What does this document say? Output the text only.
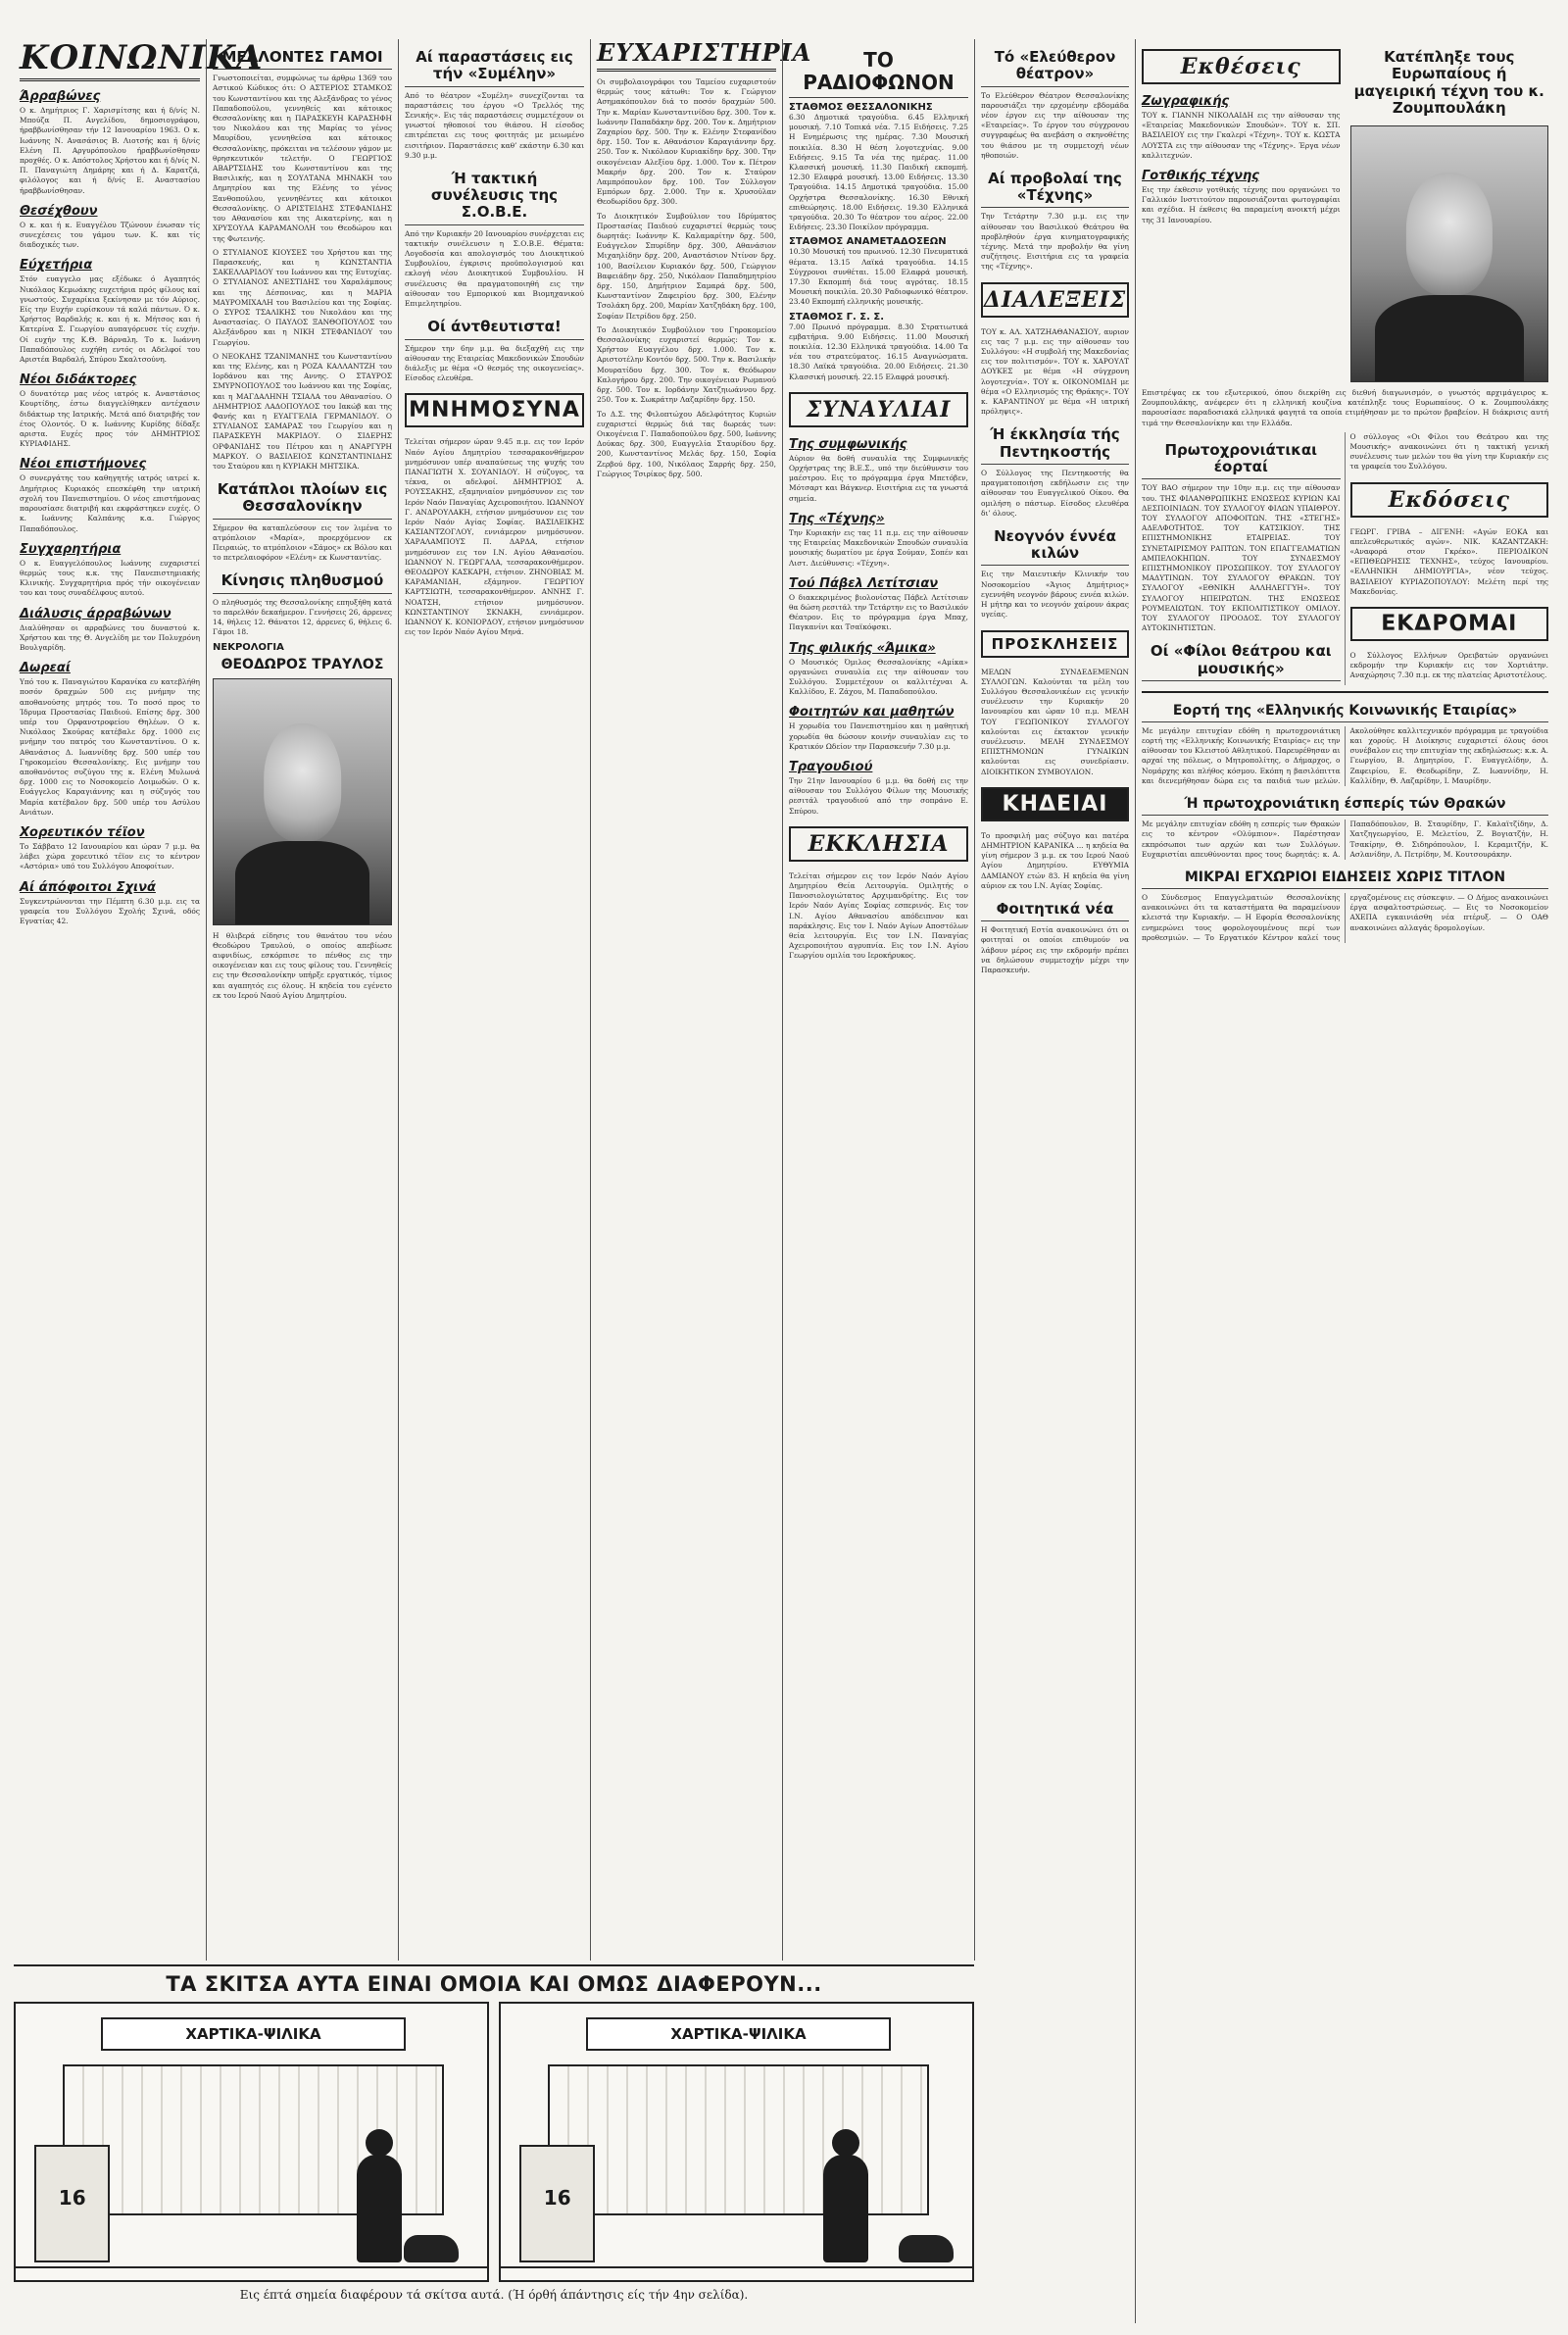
ΚΟΙΝΩΝΙΚΑ
Άρραβώνες

Ο κ. Δημήτριος Γ. Χαρισμίτσης και ή δ/νίς Ν. Μπούζα Π. Ανγελίδου, δημοσιογράφου, ήραββωνίσθησαν τήν 12 Ιανουαρίου 1963. Ο κ. Ιωάννης Ν. Ανασάσιος Β. Λιοτσής και ή δ/νίς Ελένη Π. Αργυρόπουλου ήραββωνίσθησαν προχθές. Ο κ. Απόστολος Χρήστου και ή δ/νίς Ν. Π. Παναγιώτη Δημάρης και ή Δ. Καρατζά, φιλόλογος και ή δ/νίς Ε. Αναστασίου ήραββωνίσθησαν.

Θεσέχθουν

Ο κ. και ή κ. Ευαγγέλου Τζώνουν ένωσαν τίς συνεχέσεις του γάμου των. Κ. και τίς διαδοχικές των.

Εύχετήρια

Στόν ευαγγελο μας εξέδωκε ό Αγαπητός Νικόλαος Κεμωάκης ευχετήρια πρός φίλους καί γνωστούς. Συχαρίκια ξεκίνησαν με τόν Αύριος. Είς την Ευχήν ευρίσκουν τά καλά πάντων. Ό κ. Χρήστος Βαρδαλής κ. και ή κ. Μήτσος και ή Κατερίνα Σ. Γεωργίου αυπαγόρευσε τίς ευχήν. Οί ευχήν της Κ.Θ. Βάρναλη. Το κ. Ιωάννη Παπαδόπουλος ευχήθη εντός οι Αδελφοί του Αριστέα Βαρδαλή, Σπύρου Σκαλτσούνη.

Νέοι διδάκτορες

Ο δυνατότερ μας νέος ιατρός κ. Αναστάσιος Κουρτίδης, έστω διαγγελίθηκεν αντέχασιν διδάκτωρ της Ιατρικής. Μετά από διατριβής τον έτος Ολοντός. Ό κ. Ιωάννης Κυρίδης δίδαξε αριστα. Ευχές προς τόν ΔΗΜΗΤΡΙΟΣ ΚΥΡΙΑΦΙΔΗΣ.

Νέοι επιστήμονες

Ο συνεργάτης του καθηγητής ιατρός ιατρεί κ. Δημήτριος Κυριακός επεσκέφθη την ιατρική σχολή του Πανεπιστημίου. Ο νέος επιστήμονας παρουσίασε διατριβή και εκφράστηκεν ευχές. Ο κ. Ιωάννης Καλπάνης κ.α. Γιώργος Παπαδόπουλος.

Συγχαρητήρια

Ο κ. Ευαγγελόπουλος Ιωάννης ευχαριστεί θερμώς τους κ.κ. της Πανεπιστημιακής Κλινικής. Συγχαρητήρια πρός τήν οικογένειαν του και τους συναδέλφους αυτού.

Διάλυσις άρραβώνων

Διαλύθησαν οι αρραβώνες του δυναστού κ. Χρήστου και της Θ. Ανγελίδη με τον Πολυχρόνη Βουλγαρίδη.

Δωρεαί

Υπό του κ. Παναγιώτου Καρανίκα ευ κατεβλήθη ποσόν δραχμών 500 εις μνήμην της αποθανούσης μητρός του. Το ποσό προς το Ίδρυμα Προστασίας Παιδιού. Επίσης δρχ. 300 υπέρ του Ορφανοτροφείου Θηλέων. Ο κ. Νικόλαος Σκούρας κατέβαλε δρχ. 1000 εις μνήμην του πατρός του Κωνσταντίνου. Ο κ. Αθανάσιος Δ. Ιωαννίδης δρχ. 500 υπέρ του Γηροκομείου Θεσσαλονίκης. Εις μνήμην του αποθανόντος συζύγου της κ. Ελένη Μυλωνά δρχ. 1000 εις το Νοσοκομείο Λοιμωδών. Ο κ. Ευάγγελος Καραγιάννης και η σύζυγός του Μαρία κατέβαλον δρχ. 500 υπέρ του Ασύλου Ανιάτων.

Χορευτικόν τέϊον

Το Σάββατο 12 Ιανουαρίου και ώραν 7 μ.μ. θα λάβει χώρα χορευτικό τέϊον εις το κέντρον «Αστόρια» υπό του Συλλόγου Αποφοίτων.

Αί άπόφοιτοι Σχινά

Συγκεντρώνονται την Πέμπτη 6.30 μ.μ. εις τα γραφεία του Συλλόγου Σχολής Σχινά, οδός Εγνατίας 42.

ΜΕΛΛΟΝΤΕΣ ΓΑΜΟΙ

Γνωστοποιείται, συμφώνως τω άρθρω 1369 του Αστικού Κώδικος ότι: Ο ΑΣΤΕΡΙΟΣ ΣΤΑΜΚΟΣ του Κωνσταντίνου και της Αλεξάνδρας το γένος Παπαδοπούλου, γεννηθείς και κάτοικος Θεσσαλονίκης και η ΠΑΡΑΣΚΕΥΗ ΚΑΡΑΣΗΦΗ του Νικολάου και της Μαρίας το γένος Μαυρίδου, γεννηθείσα και κάτοικος Θεσσαλονίκης, πρόκειται να τελέσουν γάμον με θρησκευτικόν τελετήν. Ο ΓΕΩΡΓΙΟΣ ΑΒΑΡΤΣΙΔΗΣ του Κωνσταντίνου και της Βασιλικής, και η ΣΟΥΛΤΑΝΑ ΜΗΝΑΚΗ του Δημητρίου και της Ελένης το γένος Ξανθοπούλου, γεννηθέντες και κάτοικοι Θεσσαλονίκης. Ο ΑΡΙΣΤΕΙΔΗΣ ΣΤΕΦΑΝΙΔΗΣ του Αθανασίου και της Αικατερίνης, και η ΧΡΥΣΟΥΛΑ ΚΑΡΑΜΑΝΟΛΗ του Θεοδώρου και της Φωτεινής.

Ο ΣΤΥΛΙΑΝΟΣ ΚΙΟΥΣΕΣ του Χρήστου και της Παρασκευής, και η ΚΩΝΣΤΑΝΤΙΑ ΣΑΚΕΛΛΑΡΙΔΟΥ του Ιωάννου και της Ευτυχίας. Ο ΣΤΥΛΙΑΝΟΣ ΑΝΕΣΤΙΔΗΣ του Χαραλάμπους και της Δέσποινας, και η ΜΑΡΙΑ ΜΑΥΡΟΜΙΧΑΛΗ του Βασιλείου και της Σοφίας. Ο ΣΥΡΟΣ ΤΣΑΛΙΚΗΣ του Νικολάου και της Αναστασίας. Ο ΠΑΥΛΟΣ ΞΑΝΘΟΠΟΥΛΟΣ του Αλεξάνδρου και η ΝΙΚΗ ΣΤΕΦΑΝΙΔΟΥ του Γεωργίου.

Ο ΝΕΟΚΛΗΣ ΤΖΑΝΙΜΑΝΗΣ του Κωνσταντίνου και της Ελένης, και η ΡΟΖΑ ΚΑΛΛΑΝΤΖΗ του Ιορδάνου και της Αννης. Ο ΣΤΑΥΡΟΣ ΣΜΥΡΝΟΠΟΥΛΟΣ του Ιωάννου και της Σοφίας, και η ΜΑΓΔΑΛΗΝΗ ΤΣΙΑΛΑ του Αθανασίου. Ο ΔΗΜΗΤΡΙΟΣ ΛΑΔΟΠΟΥΛΟΣ του Ιακώβ και της Φανής και η ΕΥΑΓΓΕΛΙΑ ΓΕΡΜΑΝΙΔΟΥ. Ο ΣΤΥΛΙΑΝΟΣ ΣΑΜΑΡΑΣ του Γεωργίου και η ΠΑΡΑΣΚΕΥΗ ΜΑΚΡΙΔΟΥ. Ο ΣΙΔΕΡΗΣ ΟΡΦΑΝΙΔΗΣ του Πέτρου και η ΑΝΑΡΓΥΡΗ ΜΑΡΚΟΥ. Ο ΒΑΣΙΛΕΙΟΣ ΚΩΝΣΤΑΝΤΙΝΙΔΗΣ του Σταύρου και η ΚΥΡΙΑΚΗ ΜΗΤΣΙΚΑ.

Κατάπλοι πλοίων εις Θεσσαλονίκην

Σήμερον θα καταπλεύσουν εις τον λιμένα το ατμόπλοιον «Μαρία», προερχόμενον εκ Πειραιώς, το ατμόπλοιον «Σάμος» εκ Βόλου και το πετρελαιοφόρον «Ελένη» εκ Κωνσταντίας.

Κίνησις πληθυσμού

Ο πληθυσμός της Θεσσαλονίκης επηυξήθη κατά το παρελθόν δεκαήμερον. Γεννήσεις 26, άρρενες 14, θήλεις 12. Θάνατοι 12, άρρενες 6, θήλεις 6. Γάμοι 18.

ΝΕΚΡΟΛΟΓΙΑ
ΘΕΟΔΩΡΟΣ ΤΡΑΥΛΟΣ

Η θλιβερά είδησις του θανάτου του νέου Θεοδώρου Τραυλού, ο οποίος απεβίωσε αιφνιδίως, εσκόρπισε το πένθος εις την οικογένειαν και εις τους φίλους του. Γεννηθείς εις την Θεσσαλονίκην υπήρξε εργατικός, τίμιος και αγαπητός εις όλους. Η κηδεία του εγένετο εκ του Ιερού Ναού Αγίου Δημητρίου.

Αί παραστάσεις εις τήν «Συμέλην»

Από το θέατρον «Συμέλη» συνεχίζονται τα παραστάσεις του έργου «Ο Τρελλός της Σενικής». Εις τάς παραστάσεις συμμετέχουν οι γνωστοί ηθοποιοί του θιάσου. Η είσοδος επιτρέπεται εις τους φοιτητάς με μειωμένο εισιτήριον. Παραστάσεις καθ’ εκάστην 6.30 και 9.30 μ.μ.

Ή τακτική συνέλευσις της Σ.Ο.Β.Ε.

Από την Κυριακήν 20 Ιανουαρίου συνέρχεται εις τακτικήν συνέλευσιν η Σ.Ο.Β.Ε. Θέματα: Λογοδοσία και απολογισμός του Διοικητικού Συμβουλίου, έγκρισις προϋπολογισμού και εκλογή νέου Διοικητικού Συμβουλίου. Η συνέλευσις θα πραγματοποιηθή εις την αίθουσαν του Εμπορικού και Βιομηχανικού Επιμελητηρίου.

Οί άντθευτιστα!

Σήμερον την 6ην μ.μ. θα διεξαχθή εις την αίθουσαν της Εταιρείας Μακεδονικών Σπουδών διάλεξις με θέμα «Ο θεσμός της οικογενείας». Είσοδος ελευθέρα.

ΜΝΗΜΟΣΥΝΑ

Τελείται σήμερον ώραν 9.45 π.μ. εις τον Ιερόν Ναόν Αγίου Δημητρίου τεσσαρακονθήμερον μνημόσυνον υπέρ αναπαύσεως της ψυχής του ΠΑΝΑΓΙΩΤΗ Χ. ΣΟΥΑΝΙΔΟΥ. Η σύζυγος, τα τέκνα, οι αδελφοί. ΔΗΜΗΤΡΙΟΣ Α. ΡΟΥΣΣΑΚΗΣ, εξαμηνιαίον μνημόσυνον εις τον Ιερόν Ναόν Παναγίας Αχειροποιήτου. ΙΩΑΝΝΟΥ Γ. ΑΝΔΡΟΥΛΑΚΗ, ετήσιον μνημόσυνον εις τον Ιερόν Ναόν Αγίας Σοφίας. ΒΑΣΙΛΕΙΚΗΣ ΚΑΣΙΑΝΤΖΟΓΛΟΥ, εννιάμερον μνημόσυνον. ΧΑΡΑΛΑΜΠΟΥΣ Π. ΔΑΡΔΑ, ετήσιον μνημόσυνον εις τον Ι.Ν. Αγίου Αθανασίου. ΙΩΑΝΝΟΥ Ν. ΓΕΩΡΓΑΛΑ, τεσσαρακονθήμερον. ΘΕΟΔΩΡΟΥ ΚΑΣΚΑΡΗ, ετήσιον. ΖΗΝΟΒΙΑΣ Μ. ΚΑΡΑΜΑΝΙΔΗ, εξάμηνον. ΓΕΩΡΓΙΟΥ ΚΑΡΤΣΙΩΤΗ, τεσσαρακονθήμερον. ΑΝΝΗΣ Γ. ΝΟΑΤΣΗ, ετήσιον μνημόσυνον. ΚΩΝΣΤΑΝΤΙΝΟΥ ΣΚΝΑΚΗ, εννιάμερον. ΙΩΑΝΝΟΥ Κ. ΚΟΝΙΟΡΔΟΥ, ετήσιον μνημόσυνον εις τον Ιερόν Ναόν Αγίου Μηνά.

ΕΥΧΑΡΙΣΤΗΡΙΑ

Οι συμβολαιογράφοι του Ταμείου ευχαριστούν θερμώς τους κάτωθι: Τον κ. Γεώργιον Ασημακόπουλον διά το ποσόν δραχμών 500. Την κ. Μαρίαν Κωνσταντινίδου δρχ. 300. Τον κ. Ιωάννην Παπαδάκην δρχ. 200. Τον κ. Δημήτριον Ζαχαρίου δρχ. 500. Την κ. Ελένην Στεφανίδου δρχ. 150. Τον κ. Αθανάσιον Καραγιάννην δρχ. 250. Τον κ. Νικόλαον Κυριακίδην δρχ. 300. Την οικογένειαν Αλεξίου δρχ. 1.000. Τον κ. Πέτρον Μακρήν δρχ. 200. Τον κ. Σταύρον Λαμπρόπουλον δρχ. 100. Τον Σύλλογον Εμπόρων δρχ. 2.000. Την κ. Χρυσούλαν Θεοδωρίδου δρχ. 300.

Το Διοικητικόν Συμβούλιον του Ιδρύματος Προστασίας Παιδιού ευχαριστεί θερμώς τους δωρητάς: Ιωάννην Κ. Καλαμαρίτην δρχ. 500, Ευάγγελον Σπυρίδην δρχ. 300, Αθανάσιον Μιχαηλίδην δρχ. 200, Αναστάσιον Ντίνον δρχ. 100, Βασίλειον Κυριακόν δρχ. 500, Γεώργιον Βαφειάδην δρχ. 250, Νικόλαον Παπαδημητρίου δρχ. 150, Δημήτριον Σαμαρά δρχ. 500, Κωνσταντίνον Ζαφειρίου δρχ. 300, Ελένην Τσολάκη δρχ. 200, Μαρίαν Χατζηδάκη δρχ. 100, Σοφίαν Πετρίδου δρχ. 250.

Το Διοικητικόν Συμβούλιον του Γηροκομείου Θεσσαλονίκης ευχαριστεί θερμώς: Τον κ. Χρήστον Ευαγγέλου δρχ. 1.000. Τον κ. Αριστοτέλην Κοντόν δρχ. 500. Την κ. Βασιλικήν Μουρατίδου δρχ. 300. Τον κ. Θεόδωρον Καλογήρου δρχ. 200. Την οικογένειαν Ρωμανού δρχ. 500. Τον κ. Ιορδάνην Χατζηιωάννου δρχ. 250. Τον κ. Σωκράτην Λαζαρίδην δρχ. 150.

Το Δ.Σ. της Φιλοπτώχου Αδελφότητος Κυριών ευχαριστεί θερμώς διά τας δωρεάς των: Οικογένεια Γ. Παπαδοπούλου δρχ. 500, Ιωάννης Δούκας δρχ. 300, Ευαγγελία Σταυρίδου δρχ. 200, Κωνσταντίνος Μελάς δρχ. 150, Σοφία Ζερβού δρχ. 100, Νικόλαος Σαρρής δρχ. 250, Γεώργιος Τσιρίκος δρχ. 500.

ΤΟ ΡΑΔΙΟΦΩΝΟΝ
ΣΤΑΘΜΟΣ ΘΕΣΣΑΛΟΝΙΚΗΣ

6.30 Δημοτικά τραγούδια. 6.45 Ελληνική μουσική. 7.10 Τοπικά νέα. 7.15 Ειδήσεις. 7.25 Η Ενημέρωσις της ημέρας. 7.30 Μουσική ποικιλία. 8.30 Η θέση λογοτεχνίας. 9.00 Ειδήσεις. 9.15 Τα νέα της ημέρας. 11.00 Κλασσική μουσική. 11.30 Παιδική εκπομπή. 12.30 Ελαφρά μουσική. 13.00 Ειδήσεις. 13.30 Τραγούδια. 14.15 Δημοτικά τραγούδια. 15.00 Ορχήστρα Θεσσαλονίκης. 16.30 Εθνική επιθεώρησις. 18.00 Ειδήσεις. 19.30 Ελληνικά τραγούδια. 20.30 Το θέατρον του αέρος. 22.00 Ειδήσεις. 23.30 Ποικίλον πρόγραμμα.

ΣΤΑΘΜΟΣ ΑΝΑΜΕΤΑΔΟΣΕΩΝ

10.30 Μουσική του πρωινού. 12.30 Πνευματικά θέματα. 13.15 Λαϊκά τραγούδια. 14.15 Σύγχρονοι συνθέται. 15.00 Ελαφρά μουσική. 17.30 Εκπομπή διά τους αγρότας. 18.15 Μουσική ποικιλία. 20.30 Ραδιοφωνικό θέατρον. 23.40 Εκπομπή ελληνικής μουσικής.

ΣΤΑΘΜΟΣ Γ. Σ. Σ.

7.00 Πρωινό πρόγραμμα. 8.30 Στρατιωτικά εμβατήρια. 9.00 Ειδήσεις. 11.00 Μουσική ποικιλία. 12.30 Ελληνικά τραγούδια. 14.00 Τα νέα του στρατεύματος. 16.15 Αναγνώσματα. 18.30 Λαϊκά τραγούδια. 20.00 Ειδήσεις. 21.30 Κλασσική μουσική. 22.15 Ελαφρά μουσική.

ΣΥΝΑΥΛΙΑΙ
Της συμφωνικής

Αύριον θα δοθή συναυλία της Συμφωνικής Ορχήστρας της Β.Ε.Σ., υπό την διεύθυνσιν του μαέστρου. Εις το πρόγραμμα έργα Μπετόβεν, Μότσαρτ και Βάγκνερ. Εισιτήρια εις τα γνωστά σημεία.

Της «Τέχνης»

Την Κυριακήν εις τας 11 π.μ. εις την αίθουσαν της Εταιρείας Μακεδονικών Σπουδών συναυλία μουσικής δωματίου με έργα Σούμαν, Σοπέν και Λιστ. Διεύθυνσις: «Τέχνη».

Τού Πάβελ Λετίτσιαν

Ο διακεκριμένος βιολονίστας Πάβελ Λετίτσιαν θα δώση ρεσιτάλ την Τετάρτην εις το Βασιλικόν Θέατρον. Εις το πρόγραμμα έργα Μπαχ, Παγκανίνι και Τσαϊκόφσκι.

Της φιλικής «Άμικα»

Ο Μουσικός Όμιλος Θεσσαλονίκης «Αμίκα» οργανώνει συναυλία εις την αίθουσαν του Συλλόγου. Συμμετέχουν οι καλλιτέχναι Α. Καλλίδου, Ε. Ζάχου, Μ. Παπαδοπούλου.

Φοιτητών και μαθητών

Η χορωδία του Πανεπιστημίου και η μαθητική χορωδία θα δώσουν κοινήν συναυλίαν εις το Κρατικόν Ωδείον την Παρασκευήν 7.30 μ.μ.

Τραγουδιού

Την 21ην Ιανουαρίου 6 μ.μ. θα δοθή εις την αίθουσαν του Συλλόγου Φίλων της Μουσικής ρεσιτάλ τραγουδιού από την σοπράνο Ε. Σπύρου.

ΕΚΚΛΗΣΙΑ

Τελείται σήμερον εις τον Ιερόν Ναόν Αγίου Δημητρίου Θεία Λειτουργία. Ομιλητής ο Πανοσιολογιώτατος Αρχιμανδρίτης. Εις τον Ιερόν Ναόν Αγίας Σοφίας εσπερινός. Εις τον Ι.Ν. Αγίου Αθανασίου απόδειπνον και παράκλησις. Εις τον Ι. Ναόν Αγίων Αποστόλων θεία λειτουργία. Εις τον Ι.Ν. Παναγίας Αχειροποιήτου αγρυπνία. Εις τον Ι.Ν. Αγίου Γεωργίου ομιλία του Ιεροκήρυκος.

Τό «Ελεύθερον θέατρον»

Το Ελεύθερον Θέατρον Θεσσαλονίκης παρουσιάζει την ερχομένην εβδομάδα νέον έργον εις την αίθουσαν της «Εταιρείας». Το έργον του σύγχρονου συγγραφέως θα ανεβάση ο σκηνοθέτης του θιάσου με τη συμμετοχή νέων ηθοποιών.

Αί προβολαί της «Τέχνης»

Την Τετάρτην 7.30 μ.μ. εις την αίθουσαν του Βασιλικού Θεάτρου θα προβληθούν έργα κινηματογραφικής τέχνης. Μετά την προβολήν θα γίνη συζήτησις. Εισιτήρια εις τα γραφεία της «Τέχνης».

ΔΙΑΛΕΞΕΙΣ

ΤΟΥ κ. ΑΛ. ΧΑΤΖΗΑΘΑΝΑΣΙΟΥ, αυριον εις τας 7 μ.μ. εις την αίθουσαν του Συλλόγου: «Η συμβολή της Μακεδονίας εις τον πολιτισμόν». ΤΟΥ κ. ΧΑΡΟΥΛΤ ΔΟΥΚΕΣ με θέμα «Η σύγχρονη λογοτεχνία». ΤΟΥ κ. ΟΙΚΟΝΟΜΙΔΗ με θέμα «Ο Ελληνισμός της Θράκης». ΤΟΥ κ. ΚΑΡΑΝΤΙΝΟΥ με θέμα «Η ιατρική πρόληψις».

Ή έκκλησία τής Πεντηκοστής

Ο Σύλλογος της Πεντηκοστής θα πραγματοποιήση εκδήλωσιν εις την αίθουσαν του Ευαγγελικού Οίκου. Θα ομιλήση ο πάστωρ. Είσοδος ελευθέρα δι’ όλους.

Νεογνόν έννέα κιλών

Εις την Μαιευτικήν Κλινικήν του Νοσοκομείου «Άγιος Δημήτριος» εγεννήθη νεογνόν βάρους εννέα κιλών. Η μήτηρ και το νεογνόν χαίρουν άκρας υγείας.

ΠΡΟΣΚΛΗΣΕΙΣ

ΜΕΛΩΝ ΣΥΝΔΕΔΕΜΕΝΩΝ ΣΥΛΛΟΓΩΝ. Καλούνται τα μέλη του Συλλόγου Θεσσαλονικέων εις γενικήν συνέλευσιν την Κυριακήν 20 Ιανουαρίου και ώραν 10 π.μ. ΜΕΛΗ ΤΟΥ ΓΕΩΠΟΝΙΚΟΥ ΣΥΛΛΟΓΟΥ καλούνται εις έκτακτον γενικήν συνέλευσιν. ΜΕΛΗ ΣΥΝΔΕΣΜΟΥ ΕΠΙΣΤΗΜΟΝΩΝ ΓΥΝΑΙΚΩΝ καλούνται εις συνεδρίασιν. ΔΙΟΙΚΗΤΙΚΟΝ ΣΥΜΒΟΥΛΙΟΝ.

ΚΗΔΕΙΑΙ

Το προσφιλή μας σύζυγο και πατέρα ΔΗΜΗΤΡΙΟΝ ΚΑΡΑΝΙΚΑ ... η κηδεία θα γίνη σήμερον 3 μ.μ. εκ του Ιερού Ναού Αγίου Δημητρίου. ΕΥΘΥΜΙΑ ΔΑΜΙΑΝΟΥ ετών 83. Η κηδεία θα γίνη αύριον εκ του Ι.Ν. Αγίας Σοφίας.

Φοιτητικά νέα

Η Φοιτητική Εστία ανακοινώνει ότι οι φοιτηταί οι οποίοι επιθυμούν να λάβουν μέρος εις την εκδρομήν πρέπει να δηλώσουν συμμετοχήν μέχρι την Παρασκευήν.

Εκθέσεις
Ζωγραφικής

ΤΟΥ κ. ΓΙΑΝΝΗ ΝΙΚΟΛΑΙΔΗ εις την αίθουσαν της «Εταιρείας Μακεδονικών Σπουδών». ΤΟΥ κ. ΣΠ. ΒΑΣΙΛΕΙΟΥ εις την Γκαλερί «Τέχνη». ΤΟΥ κ. ΚΩΣΤΑ ΛΟΥΣΤΑ εις την αίθουσαν της «Τέχνης». Έργα νέων καλλιτεχνών.

Γοτθικής τέχνης

Εις την έκθεσιν γοτθικής τέχνης που οργανώνει το Γαλλικόν Ινστιτούτον παρουσιάζονται φωτογραφίαι και σχέδια. Η έκθεσις θα παραμείνη ανοικτή μέχρι της 31 Ιανουαρίου.

Κατέπληξε τους Ευρωπαίους ή μαγειρική τέχνη του κ. Ζουμπουλάκη

Επιστρέψας εκ του εξωτερικού, όπου διεκρίθη εις διεθνή διαγωνισμόν, ο γνωστός αρχιμάγειρος κ. Ζουμπουλάκης, ανέφερεν ότι η ελληνική κουζίνα κατέπληξε τους Ευρωπαίους. Ο κ. Ζουμπουλάκης παρουσίασε παραδοσιακά ελληνικά φαγητά τα οποία ετιμήθησαν με το πρώτον βραβείον. Η διάκρισις αυτή τιμά την Θεσσαλονίκην και την Ελλάδα.

Πρωτοχρονιάτικαι έορταί

ΤΟΥ ΒΑΟ σήμερον την 10ην π.μ. εις την αίθουσαν του. ΤΗΣ ΦΙΛΑΝΘΡΩΠΙΚΗΣ ΕΝΩΣΕΩΣ ΚΥΡΙΩΝ ΚΑΙ ΔΕΣΠΟΙΝΙΔΩΝ. ΤΟΥ ΣΥΛΛΟΓΟΥ ΦΙΛΩΝ ΥΠΑΙΘΡΟΥ. ΤΟΥ ΣΥΛΛΟΓΟΥ ΑΠΟΦΟΙΤΩΝ. ΤΗΣ «ΣΤΕΓΗΣ» ΑΔΕΛΦΟΤΗΤΟΣ. ΤΟΥ ΚΑΤΣΙΚΙΟΥ. ΤΗΣ ΕΠΙΣΤΗΜΟΝΙΚΗΣ ΕΤΑΙΡΕΙΑΣ. ΤΟΥ ΣΥΝΕΤΑΙΡΙΣΜΟΥ ΡΑΠΤΩΝ. ΤΟΝ ΕΠΑΓΓΕΛΜΑΤΙΩΝ ΑΜΠΕΛΟΚΗΠΩΝ. ΤΟΥ ΣΥΝΔΕΣΜΟΥ ΕΠΙΣΤΗΜΟΝΙΚΟΥ ΠΡΟΣΩΠΙΚΟΥ. ΤΟΥ ΣΥΛΛΟΓΟΥ ΜΑΔΥΤΙΝΩΝ. ΤΟΥ ΣΥΛΛΟΓΟΥ ΘΡΑΚΩΝ. ΤΟΥ ΣΥΛΛΟΓΟΥ «ΕΘΝΙΚΗ ΑΛΛΗΛΕΓΓΥΗ». ΤΟΥ ΣΥΛΛΟΓΟΥ ΗΠΕΙΡΩΤΩΝ. ΤΗΣ ΕΝΩΣΕΩΣ ΡΟΥΜΕΛΙΩΤΩΝ. ΤΟΥ ΕΚΠΟΛΙΤΙΣΤΙΚΟΥ ΟΜΙΛΟΥ. ΤΟΥ ΣΥΛΛΟΓΟΥ ΠΡΟΟΔΟΣ. ΤΟΥ ΣΥΛΛΟΓΟΥ ΑΥΤΟΚΙΝΗΤΙΣΤΩΝ.

Οί «Φίλοι θεάτρου και μουσικής»

Ο σύλλογος «Οι Φίλοι του Θεάτρου και της Μουσικής» ανακοινώνει ότι η τακτική γενική συνέλευσις των μελών του θα γίνη την Κυριακήν εις τα γραφεία του Συλλόγου.

Εκδόσεις

ΓΕΩΡΓ. ΓΡΙΒΑ – ΔΙΓΕΝΗ: «Αγών ΕΟΚΑ και απελευθερωτικός αγών». ΝΙΚ. ΚΑΖΑΝΤΖΑΚΗ: «Αναφορά στον Γκρέκο». ΠΕΡΙΟΔΙΚΟΝ «ΕΠΙΘΕΩΡΗΣΙΣ ΤΕΧΝΗΣ», τεύχος Ιανουαρίου. «ΕΛΛΗΝΙΚΗ ΔΗΜΙΟΥΡΓΙΑ», νέον τεύχος. ΒΑΣΙΛΕΙΟΥ ΚΥΡΙΑΖΟΠΟΥΛΟΥ: Μελέτη περί της Μακεδονίας.

ΕΚΔΡΟΜΑΙ

Ο Σύλλογος Ελλήνων Ορειβατών οργανώνει εκδρομήν την Κυριακήν εις τον Χορτιάτην. Αναχώρησις 7.30 π.μ. εκ της πλατείας Αριστοτέλους.

Εορτή της «Ελληνικής Κοινωνικής Εταιρίας»

Με μεγάλην επιτυχίαν εδόθη η πρωτοχρονιάτικη εορτή της «Ελληνικής Κοινωνικής Εταιρίας» εις την αίθουσαν του Κλειστού Αθλητικού. Παρευρέθησαν αι αρχαί της πόλεως, ο Μητροπολίτης, ο Δήμαρχος, ο Νομάρχης και πλήθος κόσμου. Εκόπη η βασιλόπιττα και διενεμήθησαν δώρα εις τα παιδιά των μελών. Ακολούθησε καλλιτεχνικόν πρόγραμμα με τραγούδια και χορούς. Η Διοίκησις ευχαριστεί όλους όσοι συνέβαλον εις την επιτυχίαν της εκδηλώσεως: κ.κ. Α. Γεωργίου, Β. Δημητρίου, Γ. Ευαγγελίδην, Δ. Ζαφειρίου, Ε. Θεοδωρίδην, Ζ. Ιωαννίδην, Η. Καλλίδην, Θ. Λαζαρίδην, Ι. Μαυρίδην.

Ή πρωτοχρονιάτικη έσπερίς τών Θρακών

Με μεγάλην επιτυχίαν εδόθη η εσπερίς των Θρακών εις το κέντρον «Ολύμπιον». Παρέστησαν εκπρόσωποι των αρχών και των Συλλόγων. Ευχαριστίαι απευθύνονται προς τους δωρητάς: κ. Α. Παπαδόπουλον, Β. Σταυρίδην, Γ. Καλαϊτζίδην, Δ. Χατζηγεωργίου, Ε. Μελετίου, Ζ. Βογιατζήν, Η. Τσακίρην, Θ. Σιδηρόπουλον, Ι. Κεραμιτζήν, Κ. Ασλανίδην, Λ. Πετρίδην, Μ. Κουτσουράκην.

ΜΙΚΡΑΙ ΕΓΧΩΡΙΟΙ ΕΙΔΗΣΕΙΣ ΧΩΡΙΣ ΤΙΤΛΟΝ

Ο Σύνδεσμος Επαγγελματιών Θεσσαλονίκης ανακοινώνει ότι τα καταστήματα θα παραμείνουν κλειστά την Κυριακήν. — Η Εφορία Θεσσαλονίκης ενημερώνει τους φορολογουμένους περί των προθεσμιών. — Το Εργατικόν Κέντρον καλεί τους εργαζομένους εις σύσκεψιν. — Ο Δήμος ανακοινώνει έργα ασφαλτοστρώσεως. — Εις το Νοσοκομείον ΑΧΕΠΑ εγκαινιάσθη νέα πτέρυξ. — Ο ΟΑΘ ανακοινώνει αλλαγάς δρομολογίων.

ΤΑ ΣΚΙΤΣΑ ΑΥΤΑ ΕΙΝΑΙ ΟΜΟΙΑ ΚΑΙ ΟΜΩΣ ΔΙΑΦΕΡΟΥΝ...
ΧΑΡΤΙΚΑ-ΨΙΛΙΚΑ
16
ΧΑΡΤΙΚΑ-ΨΙΛΙΚΑ
16
Εις έπτά σημεία διαφέρουν τά σκίτσα αυτά. (Ή όρθή άπάντησις είς τήν 4ην σελίδα).
